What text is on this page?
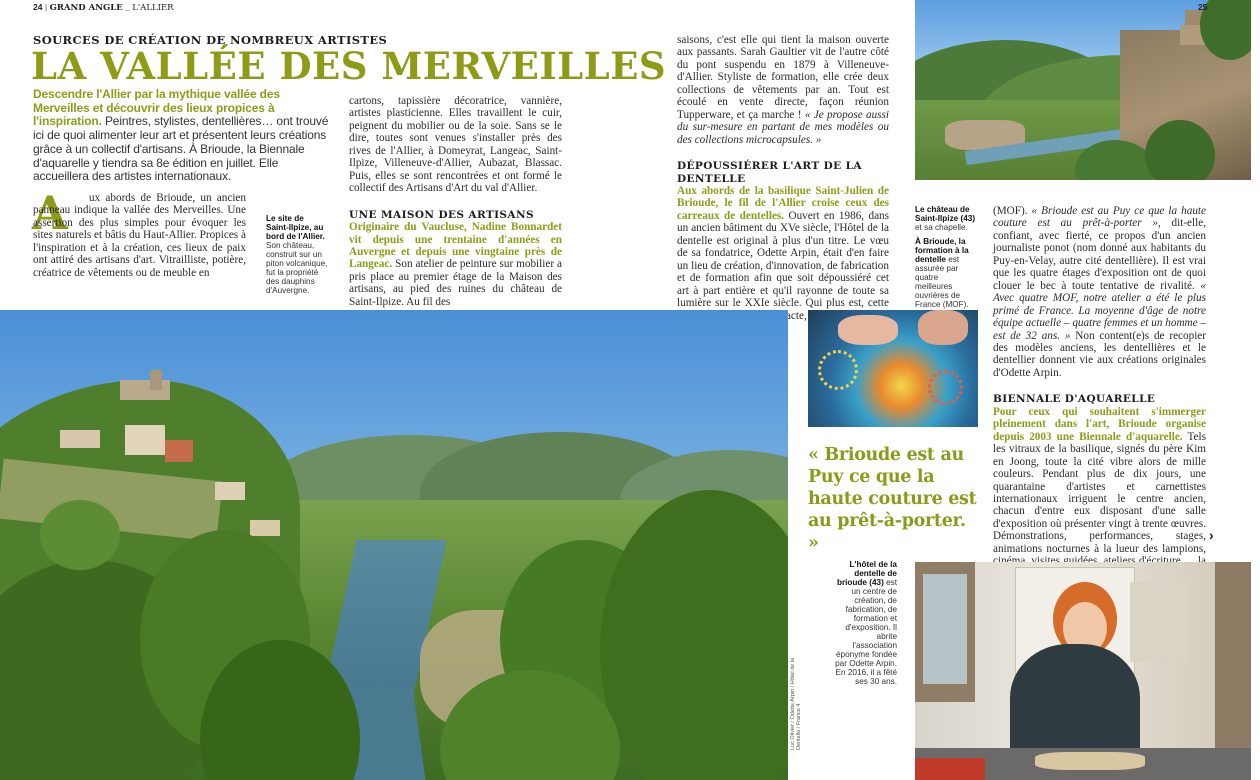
24 | GRAND ANGLE _ L'ALLIER	25
SOURCES DE CRÉATION DE NOMBREUX ARTISTES
LA VALLÉE DES MERVEILLES
Descendre l'Allier par la mythique vallée des Merveilles et découvrir des lieux propices à l'inspiration. Peintres, stylistes, dentellières… ont trouvé ici de quoi alimenter leur art et présentent leurs créations grâce à un collectif d'artisans. À Brioude, la Biennale d'aquarelle y tiendra sa 8e édition en juillet. Elle accueillera des artistes internationaux.
A	ux abords de Brioude, un ancien panneau indique la vallée des Merveilles. Une assertion des plus simples pour évoquer les sites naturels et bâtis du Haut-Allier. Propices à l'inspiration et à la création, ces lieux de paix ont attiré des artisans d'art. Vitrailliste, potière, créatrice de vêtements ou de meuble en

Le site de Saint-Ilpize, au bord de l'Allier. Son château, construit sur un piton volcanique, fut la propriété des dauphins d'Auvergne.

cartons, tapissière décoratrice, vannière, artistes plasticienne. Elles travaillent le cuir, peignent du mobilier ou de la soie. Sans se le dire, toutes sont venues s'installer près des rives de l'Allier, à Domeyrat, Langeac, Saint-Ilpize, Villeneuve-d'Allier, Aubazat, Blassac. Puis, elles se sont rencontrées et ont formé le collectif des Artisans d'Art du val d'Allier.

UNE MAISON DES ARTISANS

Originaire du Vaucluse, Nadine Bonnardet vit depuis une trentaine d'années en Auvergne et depuis une vingtaine près de Langeac. Son atelier de peinture sur mobilier a pris place au premier étage de la Maison des artisans, au pied des ruines du château de Saint-Ilpize. Au fil des

saisons, c'est elle qui tient la maison ouverte aux passants. Sarah Gaultier vit de l'autre côté du pont suspendu en 1879 à Villeneuve-d'Allier. Styliste de formation, elle crée deux collections de vêtements par an. Tout est écoulé en vente directe, façon réunion Tupperware, et ça marche ! « Je propose aussi du sur-mesure en partant de mes modèles ou des collections microcapsules. »

DÉPOUSSIÉRER L'ART DE LA DENTELLE

Aux abords de la basilique Saint-Julien de Brioude, le fil de l'Allier croise ceux des carreaux de dentelles. Ouvert en 1986, dans un ancien bâtiment du XVe siècle, l'Hôtel de la dentelle est original à plus d'un titre. Le vœu de sa fondatrice, Odette Arpin, était d'en faire un lieu de création, d'innovation, de fabrication et de formation afin que soit dépoussiéré cet art à part entière et qu'il rayonne de toute sa lumière sur le XXIe siècle. Qui plus est, cette

Le château de Saint-Ilpize (43) et sa chapelle.
À Brioude, la formation à la dentelle est assurée par quatre meilleures ouvrières de France (MOF).

(MOF). « Brioude est au Puy ce que la haute couture est au prêt-à-porter », dit-elle, confiant, avec fierté, ce propos d'un ancien journaliste ponot (nom donné aux habitants du Puy-en-Velay, autre cité dentellière). Il est vrai que les quatre étages d'exposition ont de quoi clouer le bec à toute tentative de rivalité. « Avec quatre MOF, notre atelier a été le plus primé de France. La moyenne d'âge de notre équipe actuelle – quatre femmes et un homme – est de 32 ans. » Non content(e)s de recopier des modèles anciens, les dentellières et le dentellier donnent vie aux créations originales d'Odette Arpin.

BIENNALE D'AQUARELLE

Pour ceux qui souhaitent s'immerger pleinement dans l'art, Brioude organise depuis 2003 une Biennale d'aquarelle. Tels les vitraux de la basilique, signés du père Kim en Joong, toute la cité vibre alors de mille couleurs. Pendant plus de dix jours, une quarantaine d'artistes et carnettistes internationaux irriguent le centre ancien, chacun d'entre eux disposant d'une salle d'exposition où présenter vingt à trente œuvres. Démonstrations, performances, stages, animations nocturnes à la lueur des lampions,

›
Luc Olivier / Odette Arpin / Hôtel de la Dentelle / France 4
« Brioude est au Puy ce que la haute couture est au prêt-à-porter. »
L'hôtel de la dentelle de brioude (43) est un centre de création, de fabrication, de formation et d'exposition. Il abrite l'association éponyme fondée par Odette Arpin. En 2016, il a fêté ses 30 ans.
